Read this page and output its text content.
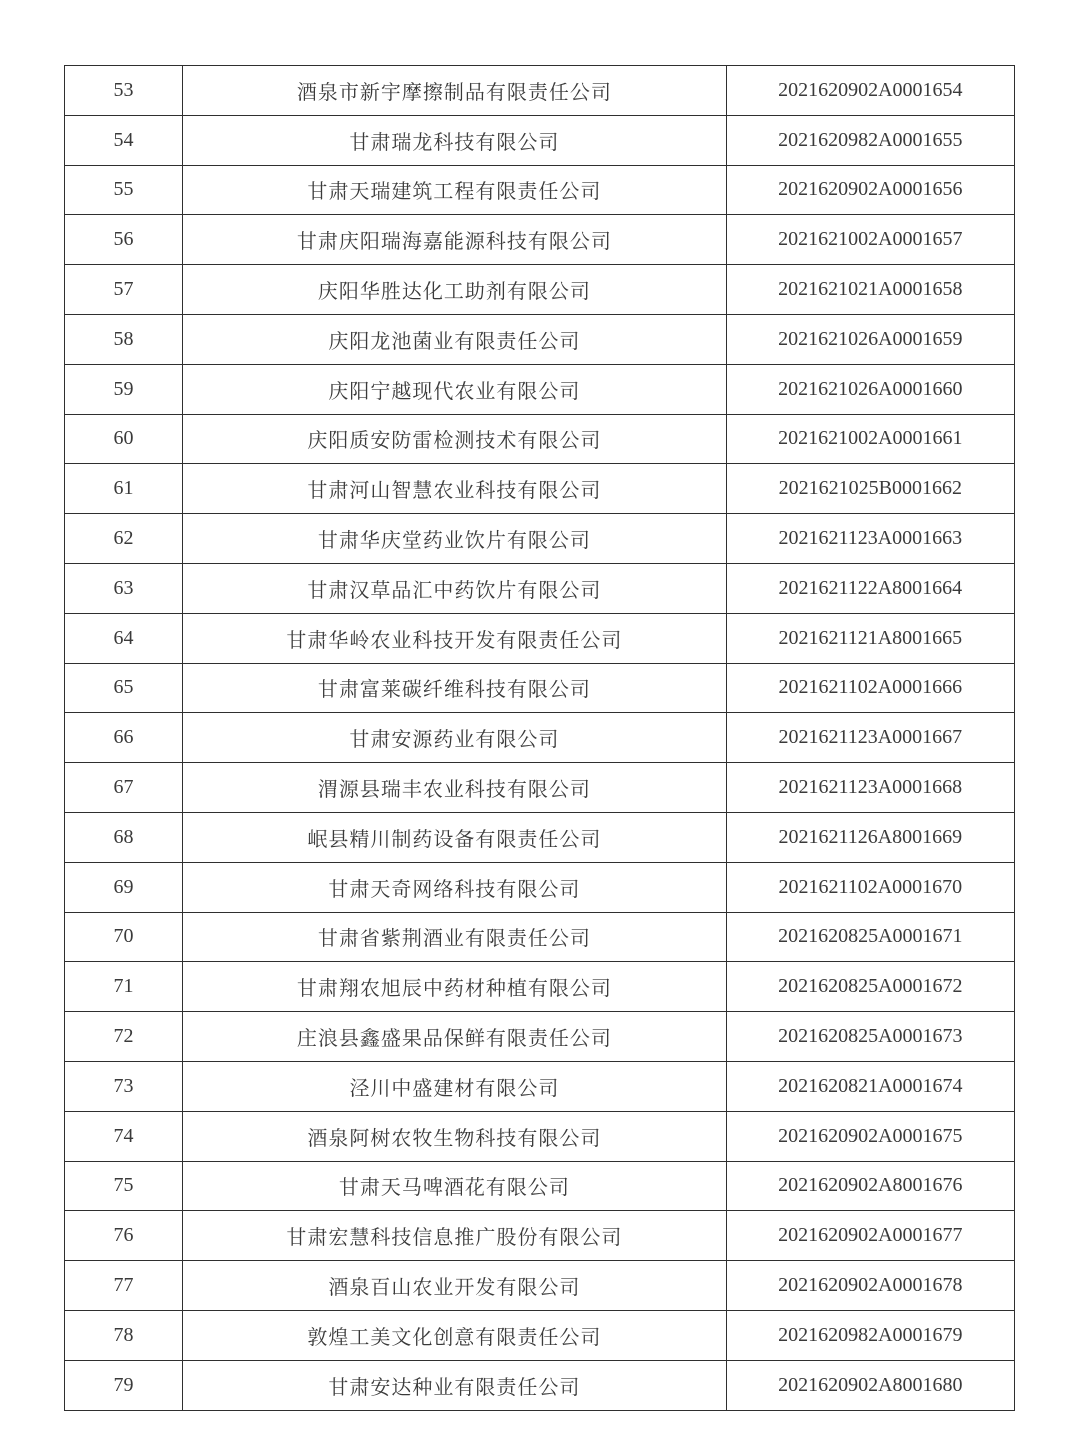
53	酒泉市新宇摩擦制品有限责任公司	2021620902A0001654
54	甘肃瑞龙科技有限公司	2021620982A0001655
55	甘肃天瑞建筑工程有限责任公司	2021620902A0001656
56	甘肃庆阳瑞海嘉能源科技有限公司	2021621002A0001657
57	庆阳华胜达化工助剂有限公司	2021621021A0001658
58	庆阳龙池菌业有限责任公司	2021621026A0001659
59	庆阳宁越现代农业有限公司	2021621026A0001660
60	庆阳质安防雷检测技术有限公司	2021621002A0001661
61	甘肃河山智慧农业科技有限公司	2021621025B0001662
62	甘肃华庆堂药业饮片有限公司	2021621123A0001663
63	甘肃汉草品汇中药饮片有限公司	2021621122A8001664
64	甘肃华岭农业科技开发有限责任公司	2021621121A8001665
65	甘肃富莱碳纤维科技有限公司	2021621102A0001666
66	甘肃安源药业有限公司	2021621123A0001667
67	渭源县瑞丰农业科技有限公司	2021621123A0001668
68	岷县精川制药设备有限责任公司	2021621126A8001669
69	甘肃天奇网络科技有限公司	2021621102A0001670
70	甘肃省紫荆酒业有限责任公司	2021620825A0001671
71	甘肃翔农旭辰中药材种植有限公司	2021620825A0001672
72	庄浪县鑫盛果品保鲜有限责任公司	2021620825A0001673
73	泾川中盛建材有限公司	2021620821A0001674
74	酒泉阿树农牧生物科技有限公司	2021620902A0001675
75	甘肃天马啤酒花有限公司	2021620902A8001676
76	甘肃宏慧科技信息推广股份有限公司	2021620902A0001677
77	酒泉百山农业开发有限公司	2021620902A0001678
78	敦煌工美文化创意有限责任公司	2021620982A0001679
79	甘肃安达种业有限责任公司	2021620902A8001680
